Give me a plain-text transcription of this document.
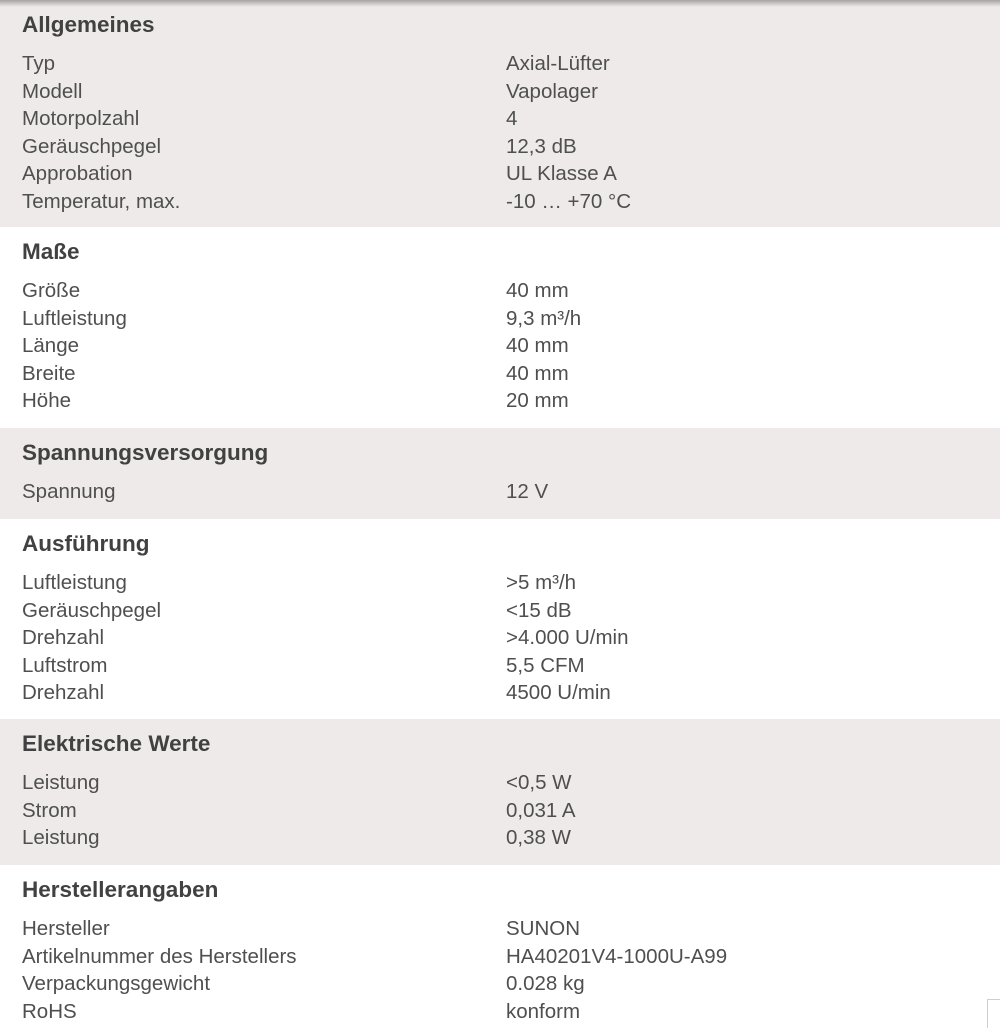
Allgemeines
Typ	Axial-Lüfter
Modell	Vapolager
Motorpolzahl	4
Geräuschpegel	12,3 dB
Approbation	UL Klasse A
Temperatur, max.	-10 … +70 °C
Maße
Größe	40 mm
Luftleistung	9,3 m³/h
Länge	40 mm
Breite	40 mm
Höhe	20 mm
Spannungsversorgung
Spannung	12 V
Ausführung
Luftleistung	>5 m³/h
Geräuschpegel	<15 dB
Drehzahl	>4.000 U/min
Luftstrom	5,5 CFM
Drehzahl	4500 U/min
Elektrische Werte
Leistung	<0,5 W
Strom	0,031 A
Leistung	0,38 W
Herstellerangaben
Hersteller	SUNON
Artikelnummer des Herstellers	HA40201V4-1000U-A99
Verpackungsgewicht	0.028 kg
RoHS	konform
